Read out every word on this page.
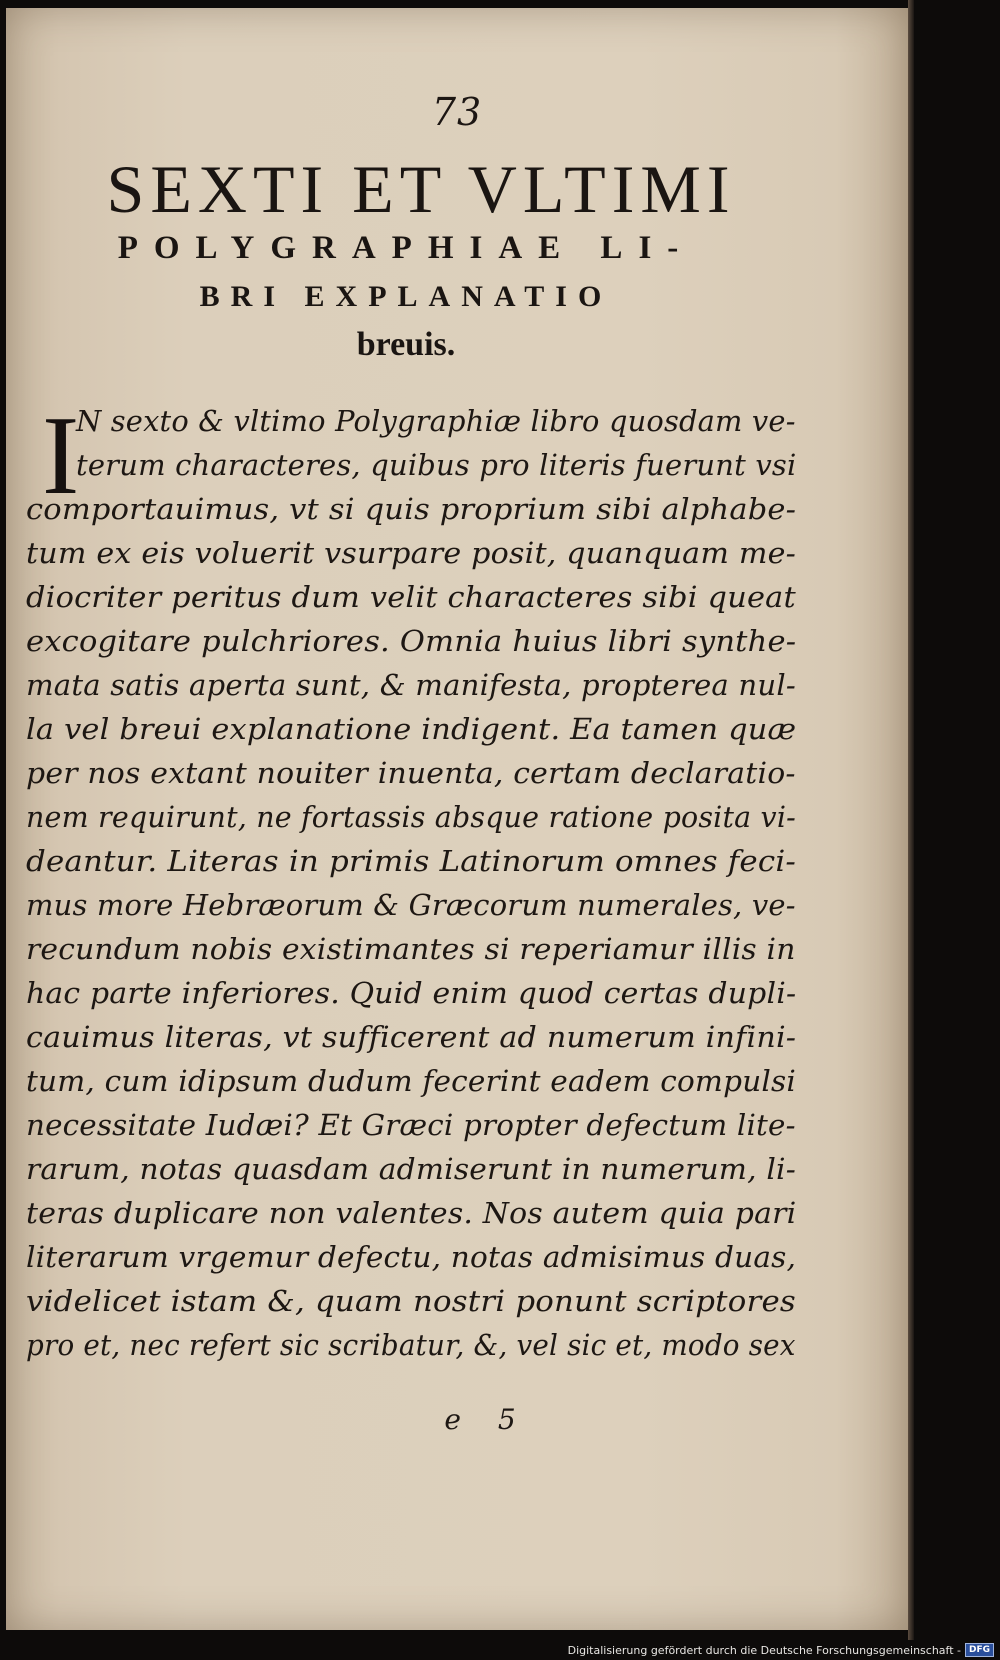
73
SEXTI ET VLTIMI
POLYGRAPHIAE LI-
BRI EXPLANATIO
breuis.
I
N sexto & vltimo Polygraphiæ libro quosdam ve-
terum characteres, quibus pro literis fuerunt vsi
comportauimus, vt si quis proprium sibi alphabe-
tum ex eis voluerit vsurpare posit, quanquam me-
diocriter peritus dum velit characteres sibi queat
excogitare pulchriores. Omnia huius libri synthe-
mata satis aperta sunt, & manifesta, propterea nul-
la vel breui explanatione indigent. Ea tamen quæ
per nos extant nouiter inuenta, certam declaratio-
nem requirunt, ne fortassis absque ratione posita vi-
deantur. Literas in primis Latinorum omnes feci-
mus more Hebræorum & Græcorum numerales, ve-
recundum nobis existimantes si reperiamur illis in
hac parte inferiores. Quid enim quod certas dupli-
cauimus literas, vt sufficerent ad numerum infini-
tum, cum idipsum dudum fecerint eadem compulsi
necessitate Iudæi? Et Græci propter defectum lite-
rarum, notas quasdam admiserunt in numerum, li-
teras duplicare non valentes. Nos autem quia pari
literarum vrgemur defectu, notas admisimus duas,
videlicet istam &, quam nostri ponunt scriptores
pro et, nec refert sic scribatur, &, vel sic et, modo sex
e 5
Digitalisierung gefördert durch die Deutsche Forschungsgemeinschaft - DFG
